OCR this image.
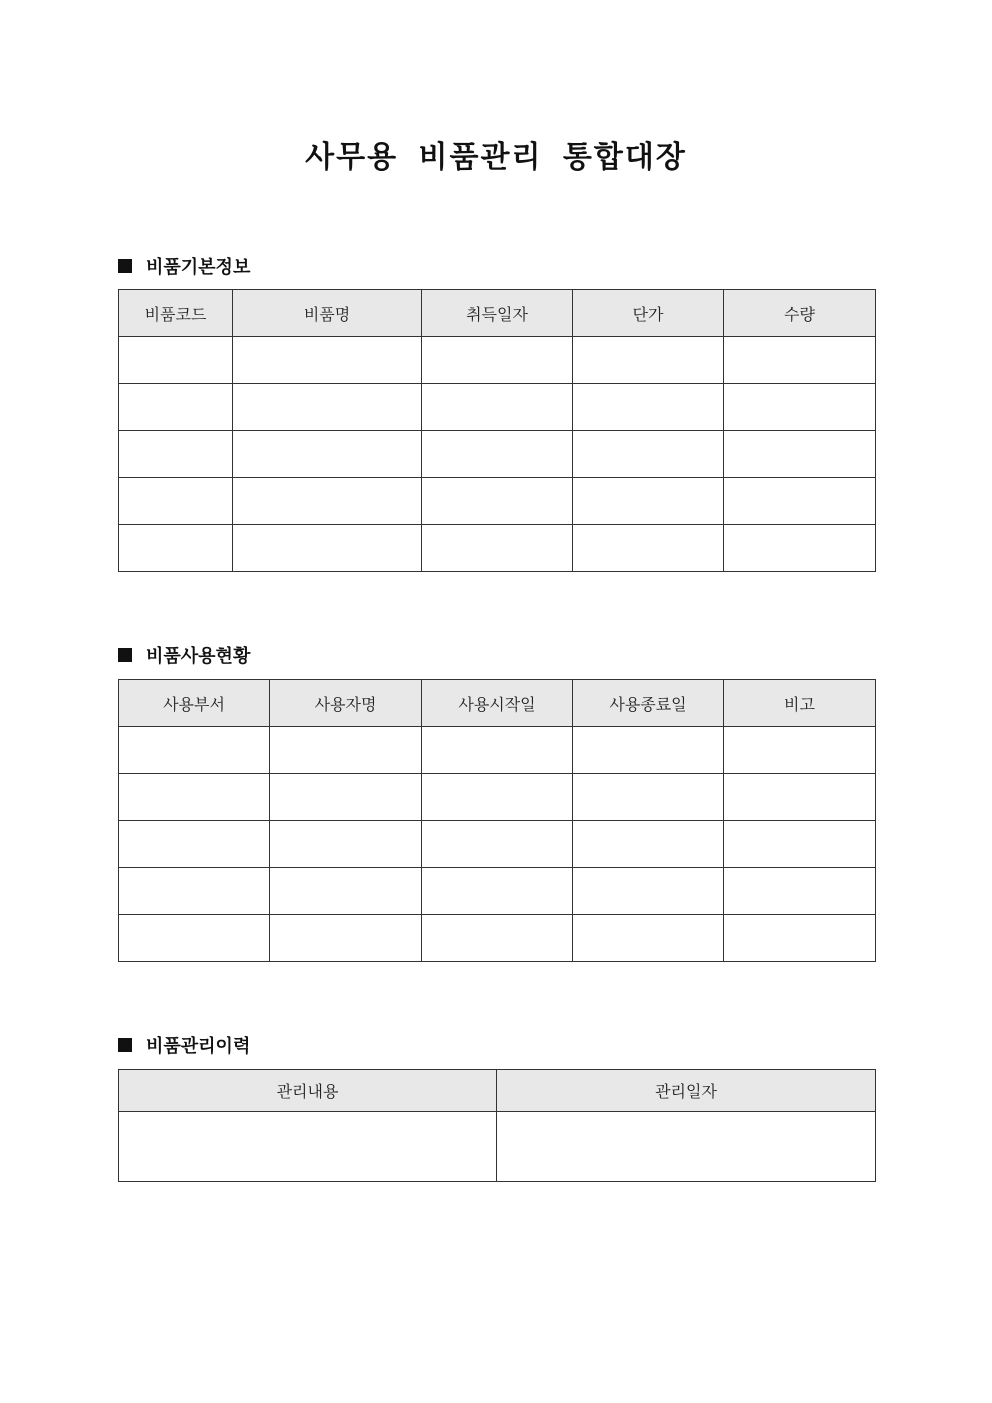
사무용 비품관리 통합대장
비품기본정보
비품코드	비품명	취득일자	단가	수량

비품사용현황
사용부서	사용자명	사용시작일	사용종료일	비고

비품관리이력
관리내용	관리일자
